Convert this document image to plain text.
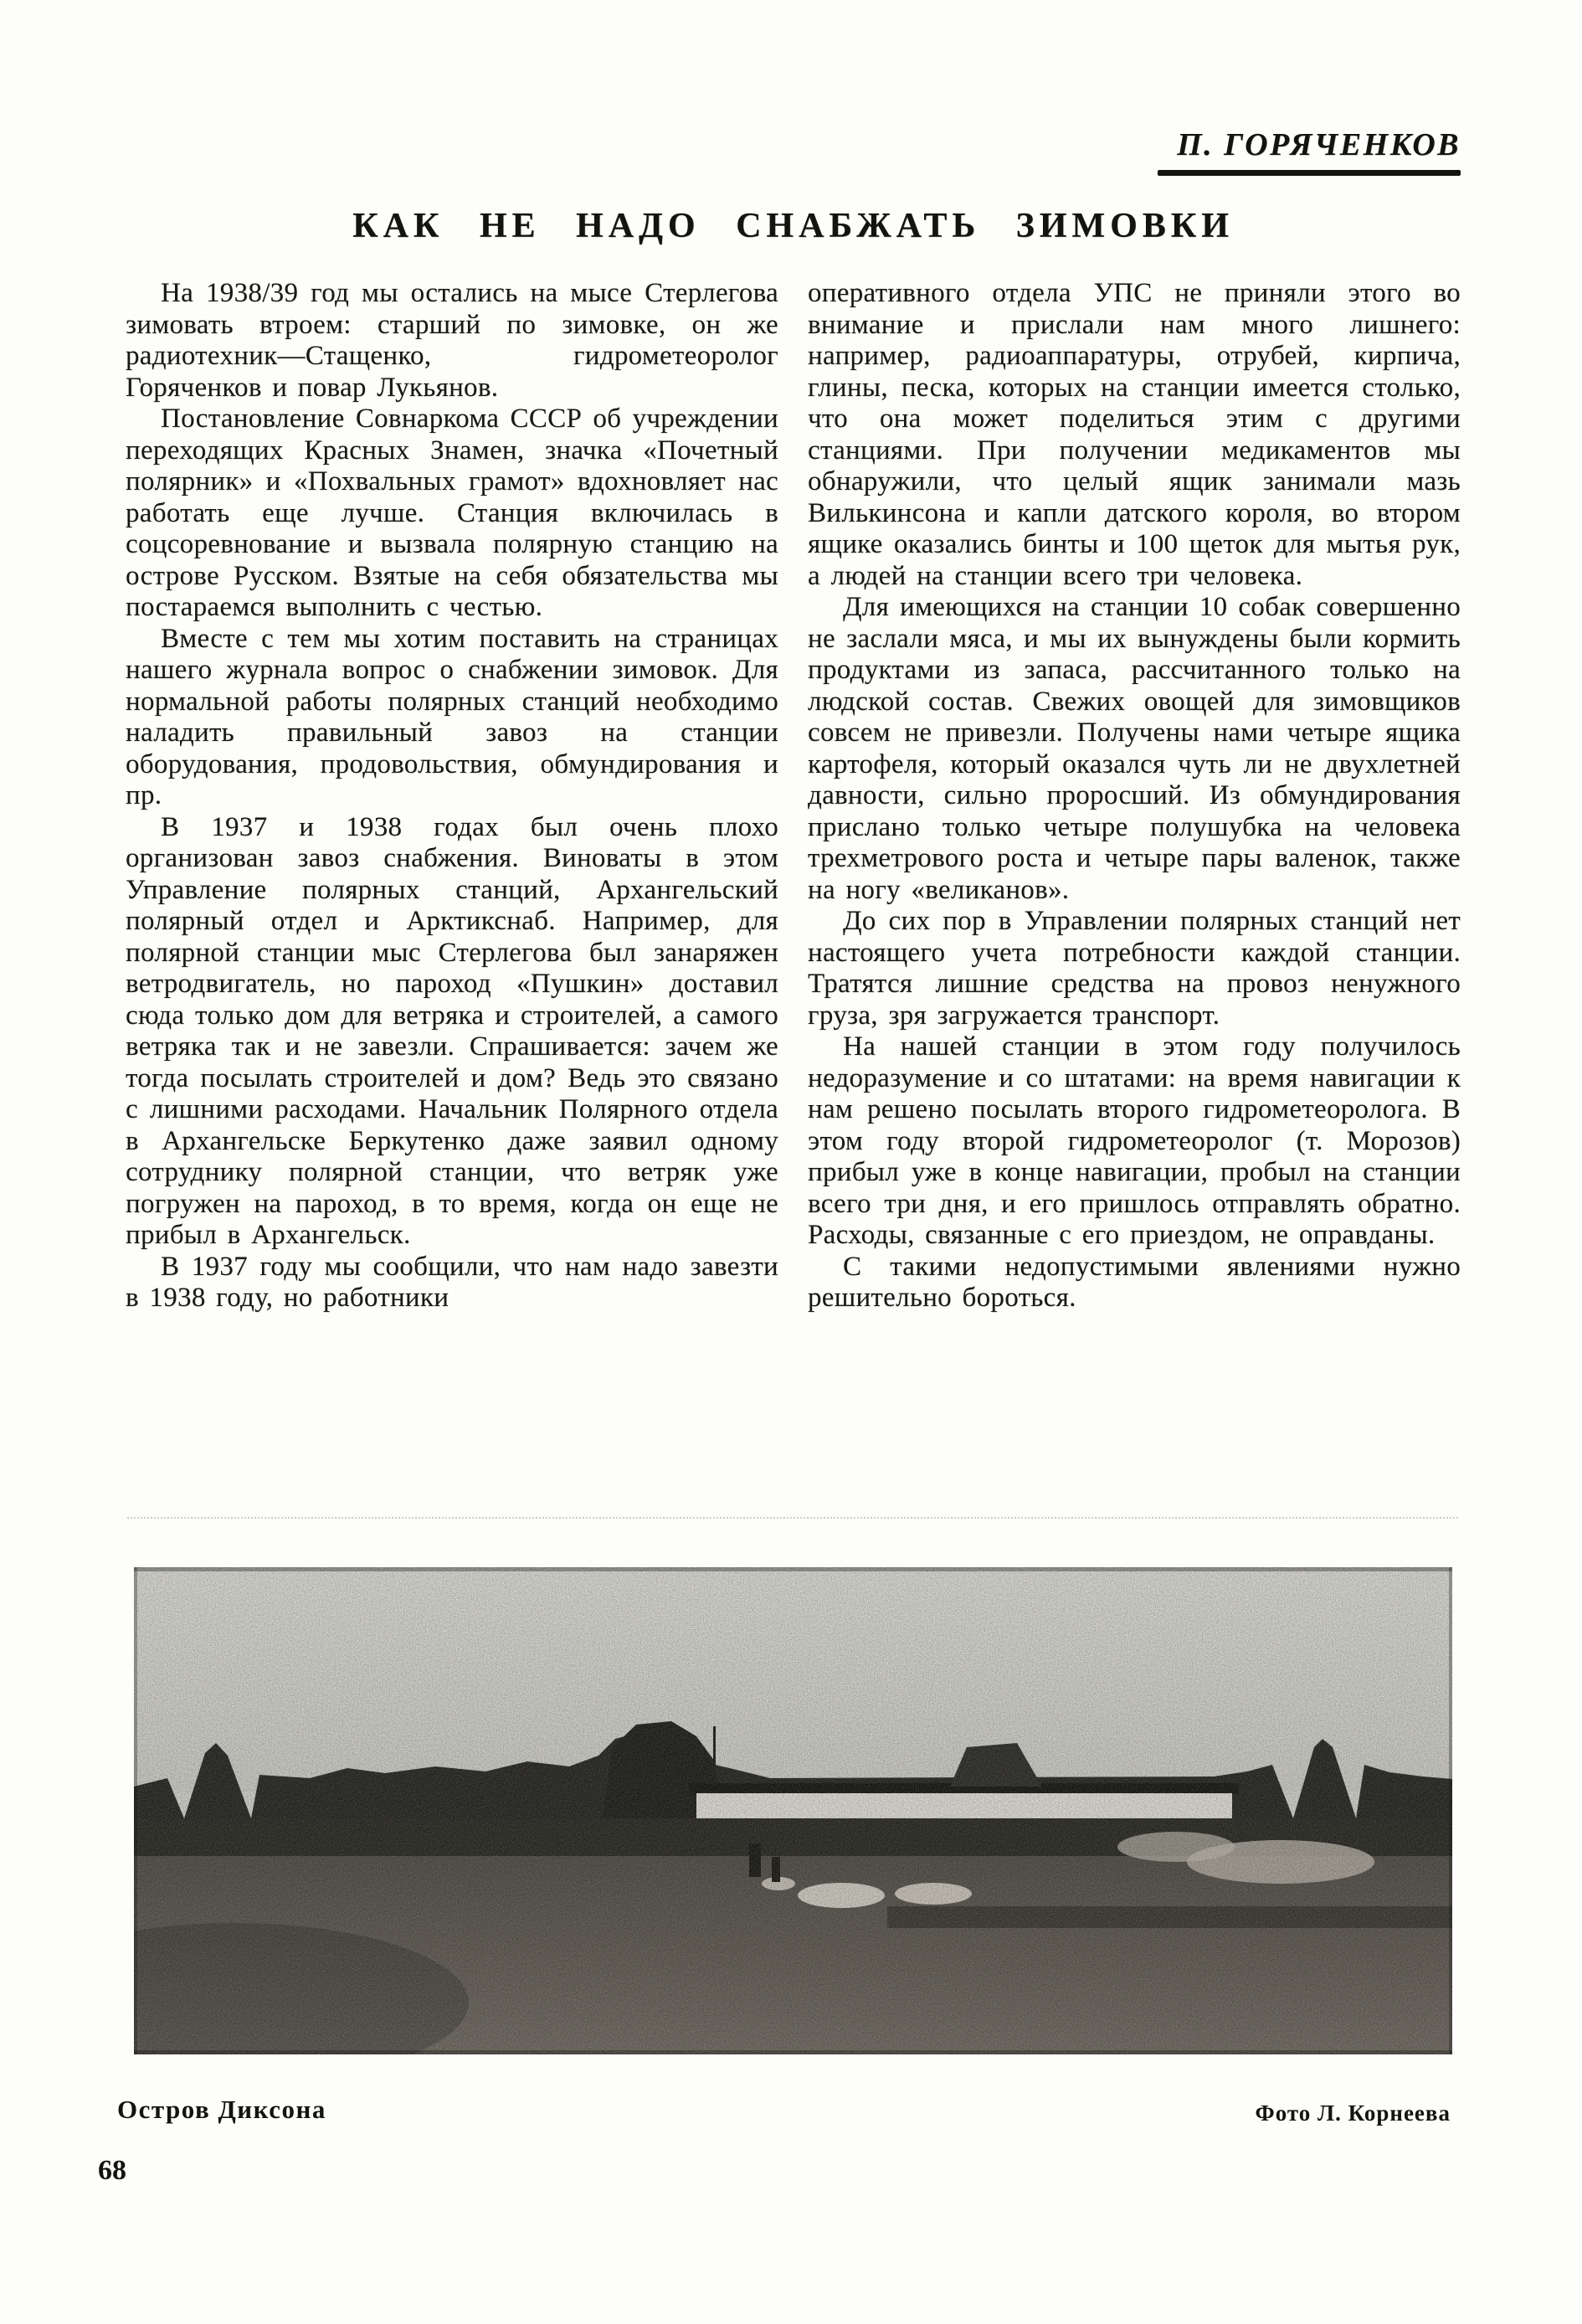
П. ГОРЯЧЕНКОВ
КАК НЕ НАДО СНАБЖАТЬ ЗИМОВКИ

На 1938/39 год мы остались на мысе Стерлегова зимовать втроем: старший по зимовке, он же радиотехник—Стащенко, гидрометеоролог Горяченков и повар Лукьянов.

Постановление Совнаркома СССР об учреждении переходящих Красных Знамен, значка «Почетный полярник» и «Похвальных грамот» вдохновляет нас работать еще лучше. Станция включилась в соцсоревнование и вызвала полярную станцию на острове Русском. Взятые на себя обязательства мы постараемся выполнить с честью.

Вместе с тем мы хотим поставить на страницах нашего журнала вопрос о снабжении зимовок. Для нормальной работы полярных станций необходимо наладить правильный завоз на станции оборудования, продовольствия, обмундирования и пр.

В 1937 и 1938 годах был очень плохо организован завоз снабжения. Виноваты в этом Управление полярных станций, Архангельский полярный отдел и Арктикснаб. Например, для полярной станции мыс Стерлегова был занаряжен ветродвигатель, но пароход «Пушкин» доставил сюда только дом для ветряка и строителей, а самого ветряка так и не завезли. Спрашивается: зачем же тогда посылать строителей и дом? Ведь это связано с лишними расходами. Начальник Полярного отдела в Архангельске Беркутенко даже заявил одному сотруднику полярной станции, что ветряк уже погружен на пароход, в то время, когда он еще не прибыл в Архангельск.

В 1937 году мы сообщили, что нам надо завезти в 1938 году, но работники

оперативного отдела УПС не приняли этого во внимание и прислали нам много лишнего: например, радиоаппаратуры, отрубей, кирпича, глины, песка, которых на станции имеется столько, что она может поделиться этим с другими станциями. При получении медикаментов мы обнаружили, что целый ящик занимали мазь Вилькинсона и капли датского короля, во втором ящике оказались бинты и 100 щеток для мытья рук, а людей на станции всего три человека.

Для имеющихся на станции 10 собак совершенно не заслали мяса, и мы их вынуждены были кормить продуктами из запаса, рассчитанного только на людской состав. Свежих овощей для зимовщиков совсем не привезли. Получены нами четыре ящика картофеля, который оказался чуть ли не двухлетней давности, сильно проросший. Из обмундирования прислано только четыре полушубка на человека трехметрового роста и четыре пары валенок, также на ногу «великанов».

До сих пор в Управлении полярных станций нет настоящего учета потребности каждой станции. Тратятся лишние средства на провоз ненужного груза, зря загружается транспорт.

На нашей станции в этом году получилось недоразумение и со штатами: на время навигации к нам решено посылать второго гидрометеоролога. В этом году второй гидрометеоролог (т. Морозов) прибыл уже в конце навигации, пробыл на станции всего три дня, и его пришлось отправлять обратно. Расходы, связанные с его приездом, не оправданы.

С такими недопустимыми явлениями нужно решительно бороться.

Остров Диксона	Фото Л. Корнеева
68
